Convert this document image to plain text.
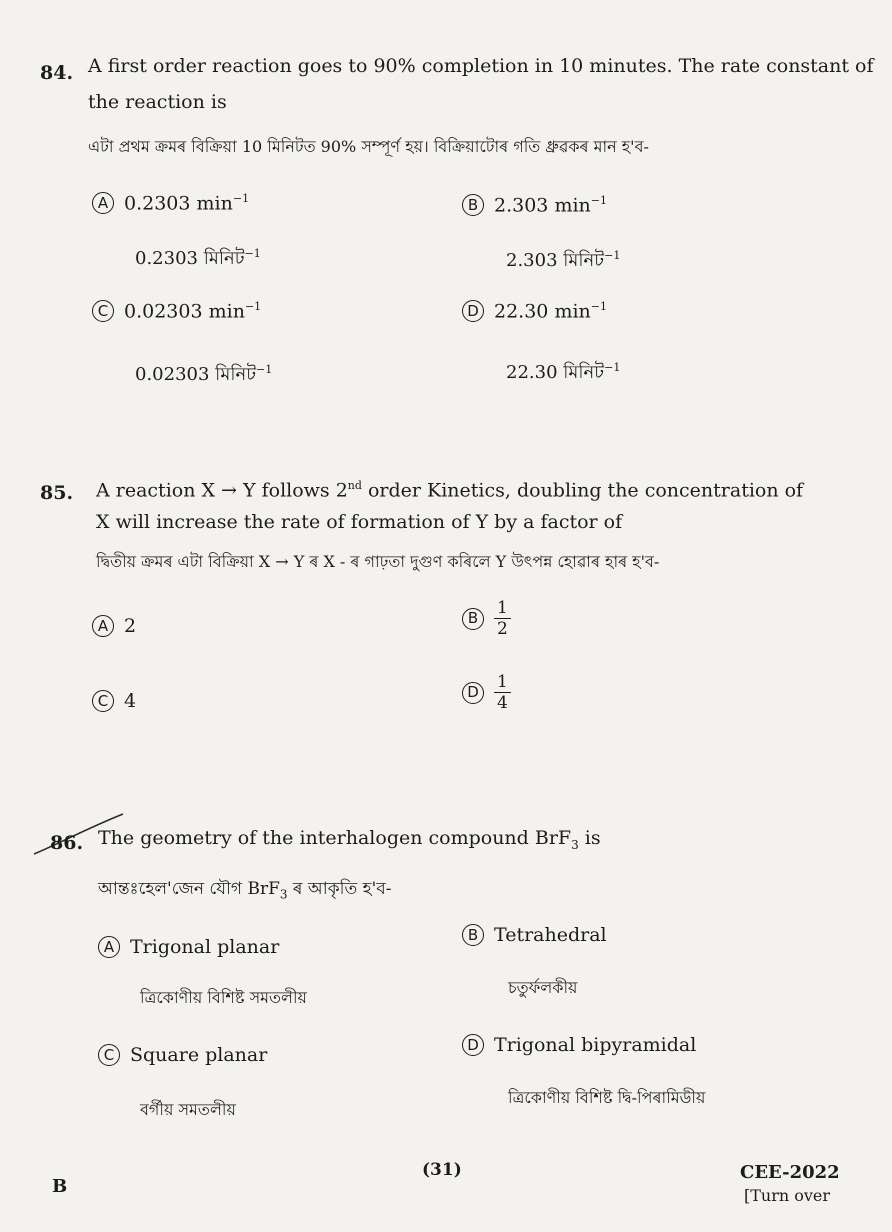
84. A first order reaction goes to 90% completion in 10 minutes. The rate constant of
the reaction is
এটা প্ৰথম ক্ৰমৰ বিক্ৰিয়া 10 মিনিটত 90% সম্পূৰ্ণ হয়। বিক্ৰিয়াটোৰ গতি ধ্ৰুৱকৰ মান হ'ব-
A 0.2303 $\min^{-1}$
0.2303 মিনিট$^{-1}$
B 2.303 $\min^{-1}$
2.303 মিনিট$^{-1}$
C 0.02303 $\min^{-1}$
0.02303 মিনিট$^{-1}$
D 22.30 $\min^{-1}$
22.30 মিনিট$^{-1}$
85. A reaction X → Y follows 2nd order Kinetics, doubling the concentration of
X will increase the rate of formation of Y by a factor of
দ্বিতীয় ক্ৰমৰ এটা বিক্ৰিয়া X → Y ৰ X - ৰ গাঢ়তা দুগুণ কৰিলে Y উৎপন্ন হোৱাৰ হাৰ হ'ব-
A 2	B $\frac{1}{2}$
C 4	D $\frac{1}{4}$
86. The geometry of the interhalogen compound BrF$_3$ is
আন্তঃহেল'জেন যৌগ BrF$_3$ ৰ আকৃতি হ'ব-
A Trigonal planar
ত্ৰিকোণীয় বিশিষ্ট সমতলীয়
B Tetrahedral
চতুৰ্ফলকীয়
C Square planar
বৰ্গীয় সমতলীয়
D Trigonal bipyramidal
ত্ৰিকোণীয় বিশিষ্ট দ্বি-পিৰামিডীয়
B
(31)	CEE-2022
[Turn over
